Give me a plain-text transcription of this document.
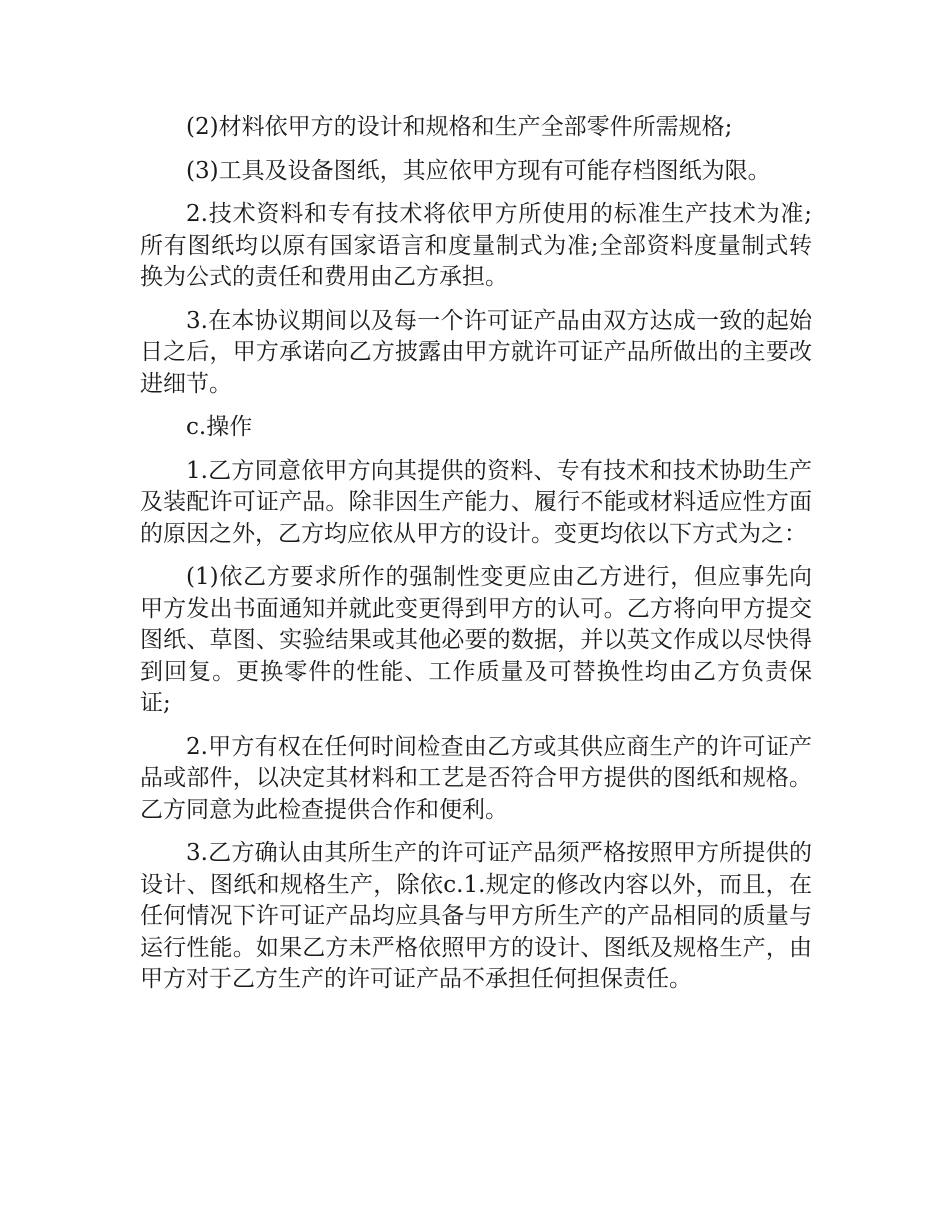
(2)材料依甲方的设计和规格和生产全部零件所需规格;

(3)工具及设备图纸，其应依甲方现有可能存档图纸为限。

2.技术资料和专有技术将依甲方所使用的标准生产技术为准;所有图纸均以原有国家语言和度量制式为准;全部资料度量制式转换为公式的责任和费用由乙方承担。

3.在本协议期间以及每一个许可证产品由双方达成一致的起始日之后，甲方承诺向乙方披露由甲方就许可证产品所做出的主要改进细节。

c.操作

1.乙方同意依甲方向其提供的资料、专有技术和技术协助生产及装配许可证产品。除非因生产能力、履行不能或材料适应性方面的原因之外，乙方均应依从甲方的设计。变更均依以下方式为之：

(1)依乙方要求所作的强制性变更应由乙方进行，但应事先向甲方发出书面通知并就此变更得到甲方的认可。乙方将向甲方提交图纸、草图、实验结果或其他必要的数据，并以英文作成以尽快得到回复。更换零件的性能、工作质量及可替换性均由乙方负责保证;

2.甲方有权在任何时间检查由乙方或其供应商生产的许可证产品或部件，以决定其材料和工艺是否符合甲方提供的图纸和规格。乙方同意为此检查提供合作和便利。

3.乙方确认由其所生产的许可证产品须严格按照甲方所提供的设计、图纸和规格生产，除依c.1.规定的修改内容以外，而且，在任何情况下许可证产品均应具备与甲方所生产的产品相同的质量与运行性能。如果乙方未严格依照甲方的设计、图纸及规格生产，由甲方对于乙方生产的许可证产品不承担任何担保责任。
